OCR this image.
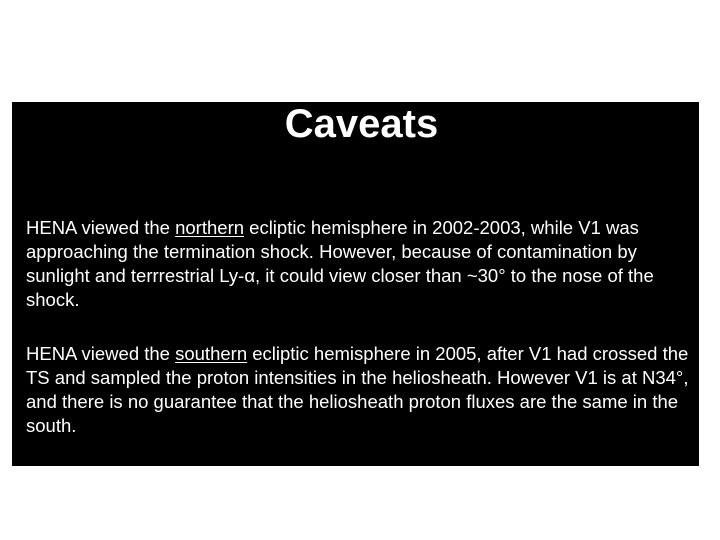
Caveats

HENA viewed the northern ecliptic hemisphere in 2002-2003, while V1 was approaching the termination shock. However, because of contamination by sunlight and terrrestrial Ly-α, it could view closer than ~30° to the nose of the shock.

HENA viewed the southern ecliptic hemisphere in 2005, after V1 had crossed the TS and sampled the proton intensities in the heliosheath. However V1 is at N34°, and there is no guarantee that the heliosheath proton fluxes are the same in the south.
